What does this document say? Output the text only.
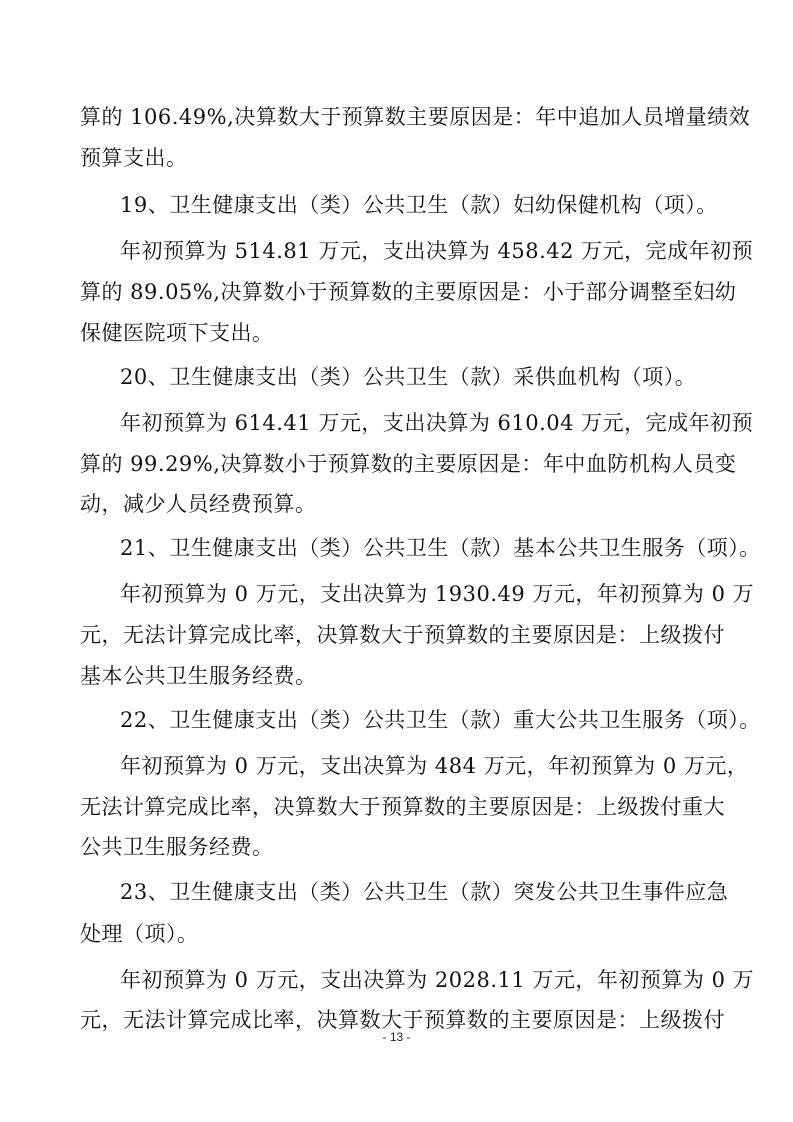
算的 106.49%,决算数大于预算数主要原因是：年中追加人员增量绩效
预算支出。
19、卫生健康支出（类）公共卫生（款）妇幼保健机构（项）。
年初预算为 514.81 万元，支出决算为 458.42 万元，完成年初预
算的 89.05%,决算数小于预算数的主要原因是：小于部分调整至妇幼
保健医院项下支出。
20、卫生健康支出（类）公共卫生（款）采供血机构（项）。
年初预算为 614.41 万元，支出决算为 610.04 万元，完成年初预
算的 99.29%,决算数小于预算数的主要原因是：年中血防机构人员变
动，减少人员经费预算。
21、卫生健康支出（类）公共卫生（款）基本公共卫生服务（项）。
年初预算为 0 万元，支出决算为 1930.49 万元，年初预算为 0 万
元，无法计算完成比率，决算数大于预算数的主要原因是：上级拨付
基本公共卫生服务经费。
22、卫生健康支出（类）公共卫生（款）重大公共卫生服务（项）。
年初预算为 0 万元，支出决算为 484 万元，年初预算为 0 万元，
无法计算完成比率，决算数大于预算数的主要原因是：上级拨付重大
公共卫生服务经费。
23、卫生健康支出（类）公共卫生（款）突发公共卫生事件应急
处理（项）。
年初预算为 0 万元，支出决算为 2028.11 万元，年初预算为 0 万
元，无法计算完成比率，决算数大于预算数的主要原因是：上级拨付
- 13 -
